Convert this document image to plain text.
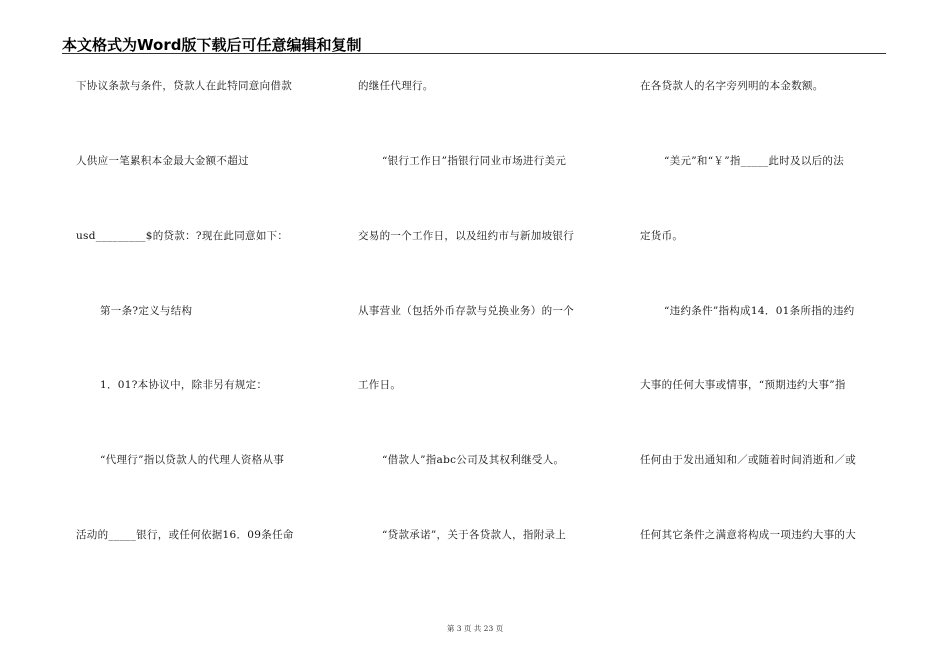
本文格式为Word版下载后可任意编辑和复制
下协议条款与条件，贷款人在此特同意向借款
人供应一笔累积本金最大金额不超过
usd_________$的贷款：?现在此同意如下：
第一条?定义与结构
1．01?本协议中，除非另有规定：
“代理行”指以贷款人的代理人资格从事
活动的_____银行，或任何依据16．09条任命
的继任代理行。
“银行工作日”指银行同业市场进行美元
交易的一个工作日，以及纽约市与新加坡银行
从事营业（包括外币存款与兑换业务）的一个
工作日。
“借款人”指abc公司及其权利继受人。
“贷款承诺”，关于各贷款人，指附录上
在各贷款人的名字旁列明的本金数额。
“美元”和“￥”指_____此时及以后的法
定货币。
“违约条件”指构成14．01条所指的违约
大事的任何大事或情事，“预期违约大事”指
任何由于发出通知和／或随着时间消逝和／或
任何其它条件之满意将构成一项违约大事的大
第 3 页 共 23 页
